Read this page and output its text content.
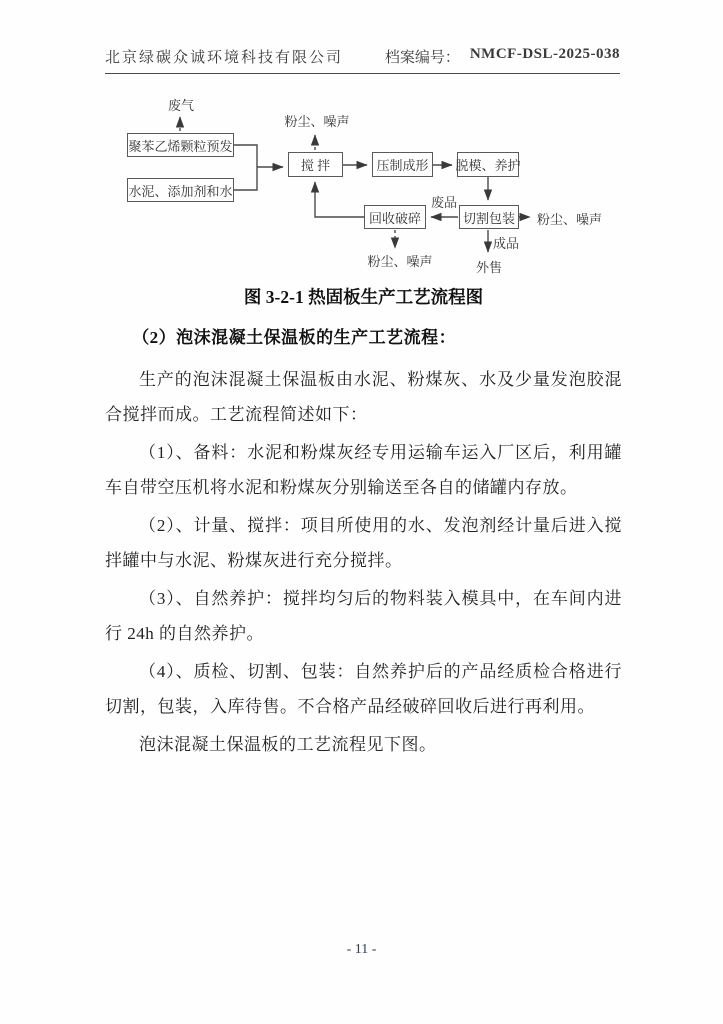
北京绿碳众诚环境科技有限公司	档案编号： NMCF-DSL-2025-038
聚苯乙烯颗粒预发
水泥、添加剂和水
搅 拌	压制成形	脱模、养护
切割包装
回收破碎
废气
粉尘、噪声
废品
粉尘、噪声
成品
外售
粉尘、噪声
图 3-2-1 热固板生产工艺流程图

（2）泡沫混凝土保温板的生产工艺流程：

生产的泡沫混凝土保温板由水泥、粉煤灰、水及少量发泡胶混合搅拌而成。工艺流程简述如下：

（1）、备料：水泥和粉煤灰经专用运输车运入厂区后，利用罐车自带空压机将水泥和粉煤灰分别输送至各自的储罐内存放。

（2）、计量、搅拌：项目所使用的水、发泡剂经计量后进入搅拌罐中与水泥、粉煤灰进行充分搅拌。

（3）、自然养护：搅拌均匀后的物料装入模具中，在车间内进行 24h 的自然养护。

（4）、质检、切割、包装：自然养护后的产品经质检合格进行切割，包装，入库待售。不合格产品经破碎回收后进行再利用。

泡沫混凝土保温板的工艺流程见下图。

- 11 -
